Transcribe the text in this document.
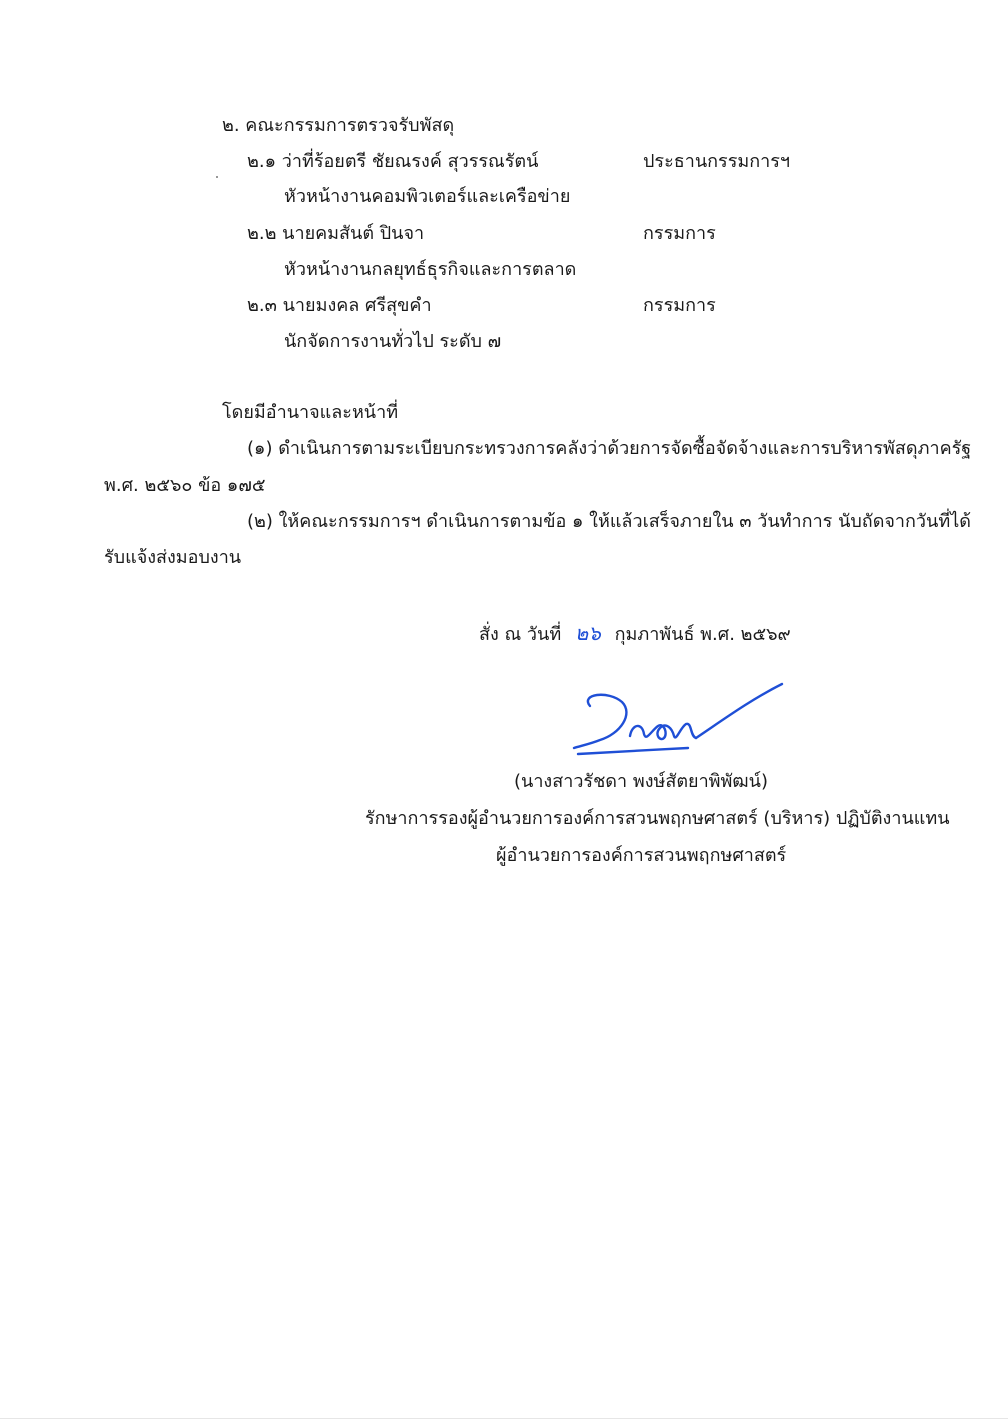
๒. คณะกรรมการตรวจรับพัสดุ
๒.๑ ว่าที่ร้อยตรี ชัยณรงค์ สุวรรณรัตน์	ประธานกรรมการฯ
หัวหน้างานคอมพิวเตอร์และเครือข่าย
๒.๒ นายคมสันต์ ปินจา	กรรมการ
หัวหน้างานกลยุทธ์ธุรกิจและการตลาด
๒.๓ นายมงคล ศรีสุขคำ	กรรมการ
นักจัดการงานทั่วไป ระดับ ๗
โดยมีอำนาจและหน้าที่
(๑) ดำเนินการตามระเบียบกระทรวงการคลังว่าด้วยการจัดซื้อจัดจ้างและการบริหารพัสดุภาครัฐ
พ.ศ. ๒๕๖๐ ข้อ ๑๗๕
(๒) ให้คณะกรรมการฯ ดำเนินการตามข้อ ๑ ให้แล้วเสร็จภายใน ๓ วันทำการ นับถัดจากวันที่ได้
รับแจ้งส่งมอบงาน
สั่ง ณ วันที่ ๒๖ กุมภาพันธ์ พ.ศ. ๒๕๖๙
(นางสาวรัชดา พงษ์สัตยาพิพัฒน์)
รักษาการรองผู้อำนวยการองค์การสวนพฤกษศาสตร์ (บริหาร) ปฏิบัติงานแทน
ผู้อำนวยการองค์การสวนพฤกษศาสตร์
